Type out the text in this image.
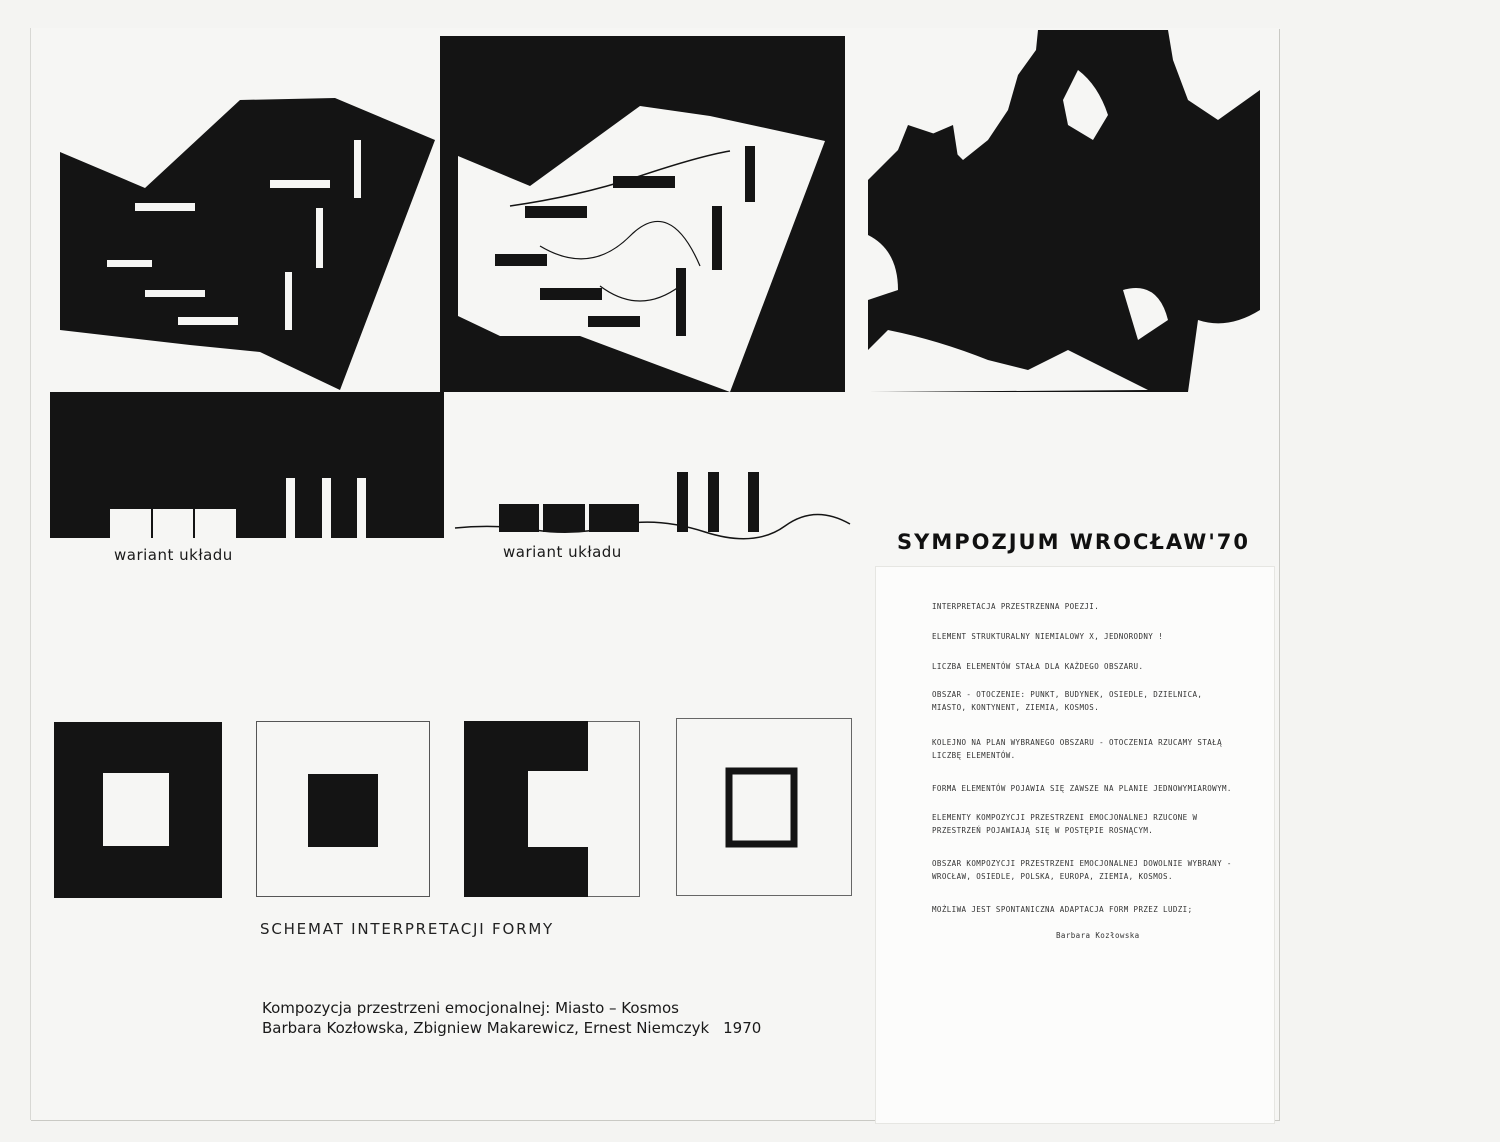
wariant układu	wariant układu	SYMPOZJUM WROCŁAW'70
SCHEMAT INTERPRETACJI FORMY
Kompozycja przestrzeni emocjonalnej: Miasto – Kosmos
Barbara Kozłowska, Zbigniew Makarewicz, Ernest Niemczyk 1970

INTERPRETACJA PRZESTRZENNA POEZJI.

ELEMENT STRUKTURALNY NIEMIALOWY X, JEDNORODNY !

LICZBA ELEMENTÓW STAŁA DLA KAŻDEGO OBSZARU.

OBSZAR - OTOCZENIE: PUNKT, BUDYNEK, OSIEDLE, DZIELNICA, MIASTO, KONTYNENT, ZIEMIA, KOSMOS.

KOLEJNO NA PLAN WYBRANEGO OBSZARU - OTOCZENIA RZUCAMY STAŁĄ LICZBĘ ELEMENTÓW.

FORMA ELEMENTÓW POJAWIA SIĘ ZAWSZE NA PLANIE JEDNOWYMIAROWYM.

ELEMENTY KOMPOZYCJI PRZESTRZENI EMOCJONALNEJ RZUCONE W PRZESTRZEŃ POJAWIAJĄ SIĘ W POSTĘPIE ROSNĄCYM.

OBSZAR KOMPOZYCJI PRZESTRZENI EMOCJONALNEJ DOWOLNIE WYBRANY -WROCŁAW, OSIEDLE, POLSKA, EUROPA, ZIEMIA, KOSMOS.

MOŻLIWA JEST SPONTANICZNA ADAPTACJA FORM PRZEZ LUDZI;

Barbara Kozłowska
